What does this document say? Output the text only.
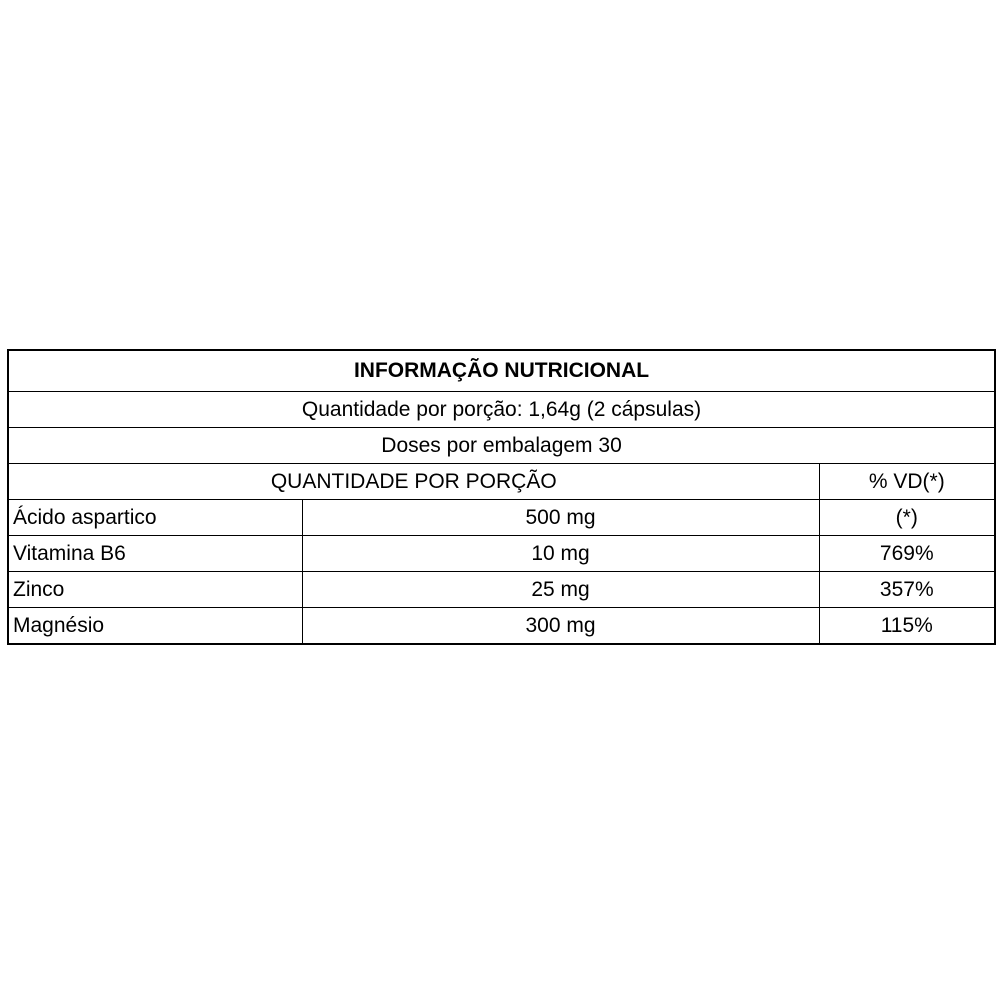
INFORMAÇÃO NUTRICIONAL		
Quantidade por porção: 1,64g (2 cápsulas)		
Doses por embalagem 30		
QUANTIDADE POR PORÇÃO		% VD(*)
Ácido aspartico	500 mg	(*)
Vitamina B6	10 mg	769%
Zinco	25 mg	357%
Magnésio	300 mg	115%
